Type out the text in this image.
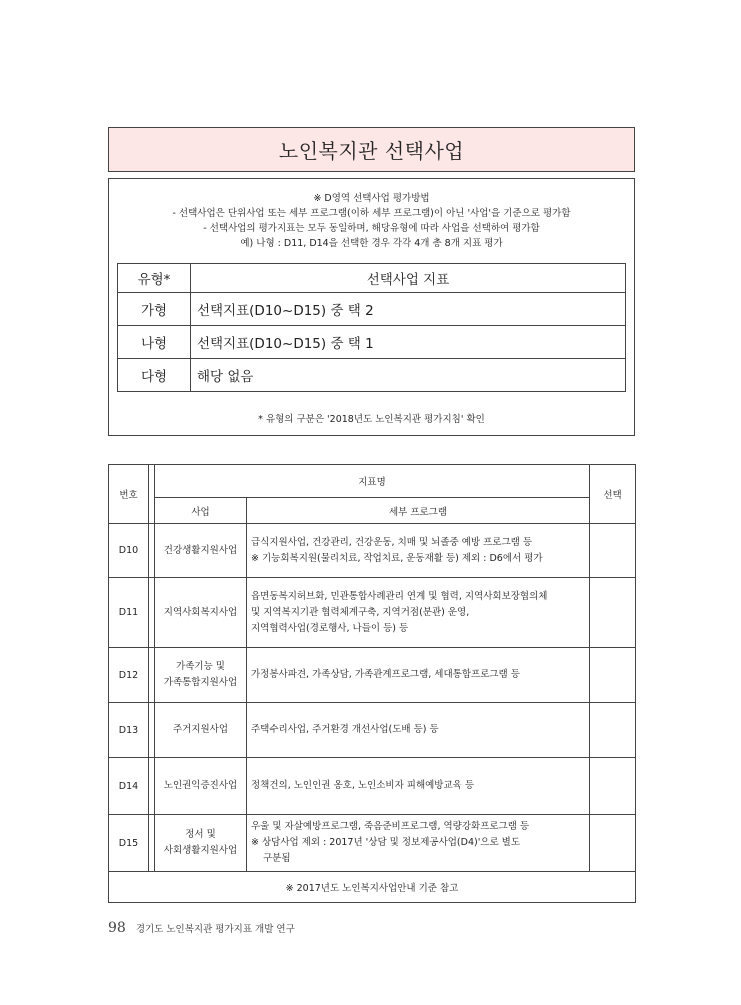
노인복지관 선택사업
※ D영역 선택사업 평가방법
- 선택사업은 단위사업 또는 세부 프로그램(이하 세부 프로그램)이 아닌 '사업'을 기준으로 평가함
- 선택사업의 평가지표는 모두 동일하며, 해당유형에 따라 사업을 선택하여 평가함
예) 나형 : D11, D14을 선택한 경우 각각 4개 총 8개 지표 평가
유형*	선택사업 지표
가형	선택지표(D10~D15) 중 택 2
나형	선택지표(D10~D15) 중 택 1
다형	해당 없음
* 유형의 구분은 '2018년도 노인복지관 평가지침' 확인
번호		지표명		선택
		사업	세부 프로그램	
D10		건강생활지원사업	급식지원사업, 건강관리, 건강운동, 치매 및 뇌졸중 예방 프로그램 등
※ 기능회복지원(물리치료, 작업치료, 운동재활 등) 제외 : D6에서 평가	

D11		지역사회복지사업	읍면동복지허브화, 민관통합사례관리 연계 및 협력, 지역사회보장협의체
및 지역복지기관 협력체계구축, 지역거점(분관) 운영,
지역협력사업(경로행사, 나들이 등) 등	

D12		가족기능 및
가족통합지원사업	가정봉사파견, 가족상담, 가족관계프로그램, 세대통합프로그램 등	

D13		주거지원사업	주택수리사업, 주거환경 개선사업(도배 등) 등	

D14		노인권익증진사업	정책건의, 노인인권 옹호, 노인소비자 피해예방교육 등	

D15		정서 및
사회생활지원사업	우울 및 자살예방프로그램, 죽음준비프로그램, 역량강화프로그램 등
※ 상담사업 제외 : 2017년 '상담 및 정보제공사업(D4)'으로 별도
구분됨	

※ 2017년도 노인복지사업안내 기준 참고				
98 경기도 노인복지관 평가지표 개발 연구
